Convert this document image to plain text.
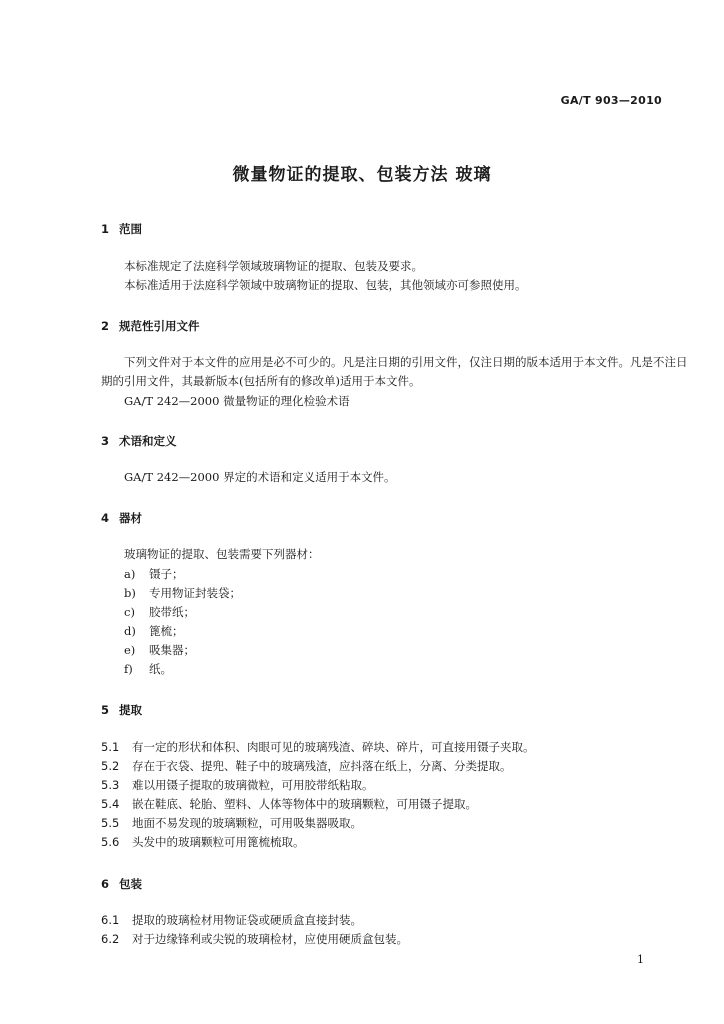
GA/T 903—2010
微量物证的提取、包装方法 玻璃
1 范围
本标准规定了法庭科学领域玻璃物证的提取、包装及要求。
本标准适用于法庭科学领域中玻璃物证的提取、包装，其他领域亦可参照使用。
2 规范性引用文件
下列文件对于本文件的应用是必不可少的。凡是注日期的引用文件，仅注日期的版本适用于本文件。凡是不注日期的引用文件，其最新版本(包括所有的修改单)适用于本文件。
GA/T 242—2000 微量物证的理化检验术语
3 术语和定义
GA/T 242—2000 界定的术语和定义适用于本文件。
4 器材
玻璃物证的提取、包装需要下列器材：
a) 镊子；
b) 专用物证封装袋；
c) 胶带纸；
d) 篦梳；
e) 吸集器；
f) 纸。
5 提取
5.1 有一定的形状和体积、肉眼可见的玻璃残渣、碎块、碎片，可直接用镊子夹取。
5.2 存在于衣袋、提兜、鞋子中的玻璃残渣，应抖落在纸上，分离、分类提取。
5.3 难以用镊子提取的玻璃微粒，可用胶带纸粘取。
5.4 嵌在鞋底、轮胎、塑料、人体等物体中的玻璃颗粒，可用镊子提取。
5.5 地面不易发现的玻璃颗粒，可用吸集器吸取。
5.6 头发中的玻璃颗粒可用篦梳梳取。
6 包装
6.1 提取的玻璃检材用物证袋或硬质盒直接封装。
6.2 对于边缘锋利或尖锐的玻璃检材，应使用硬质盒包装。
1
